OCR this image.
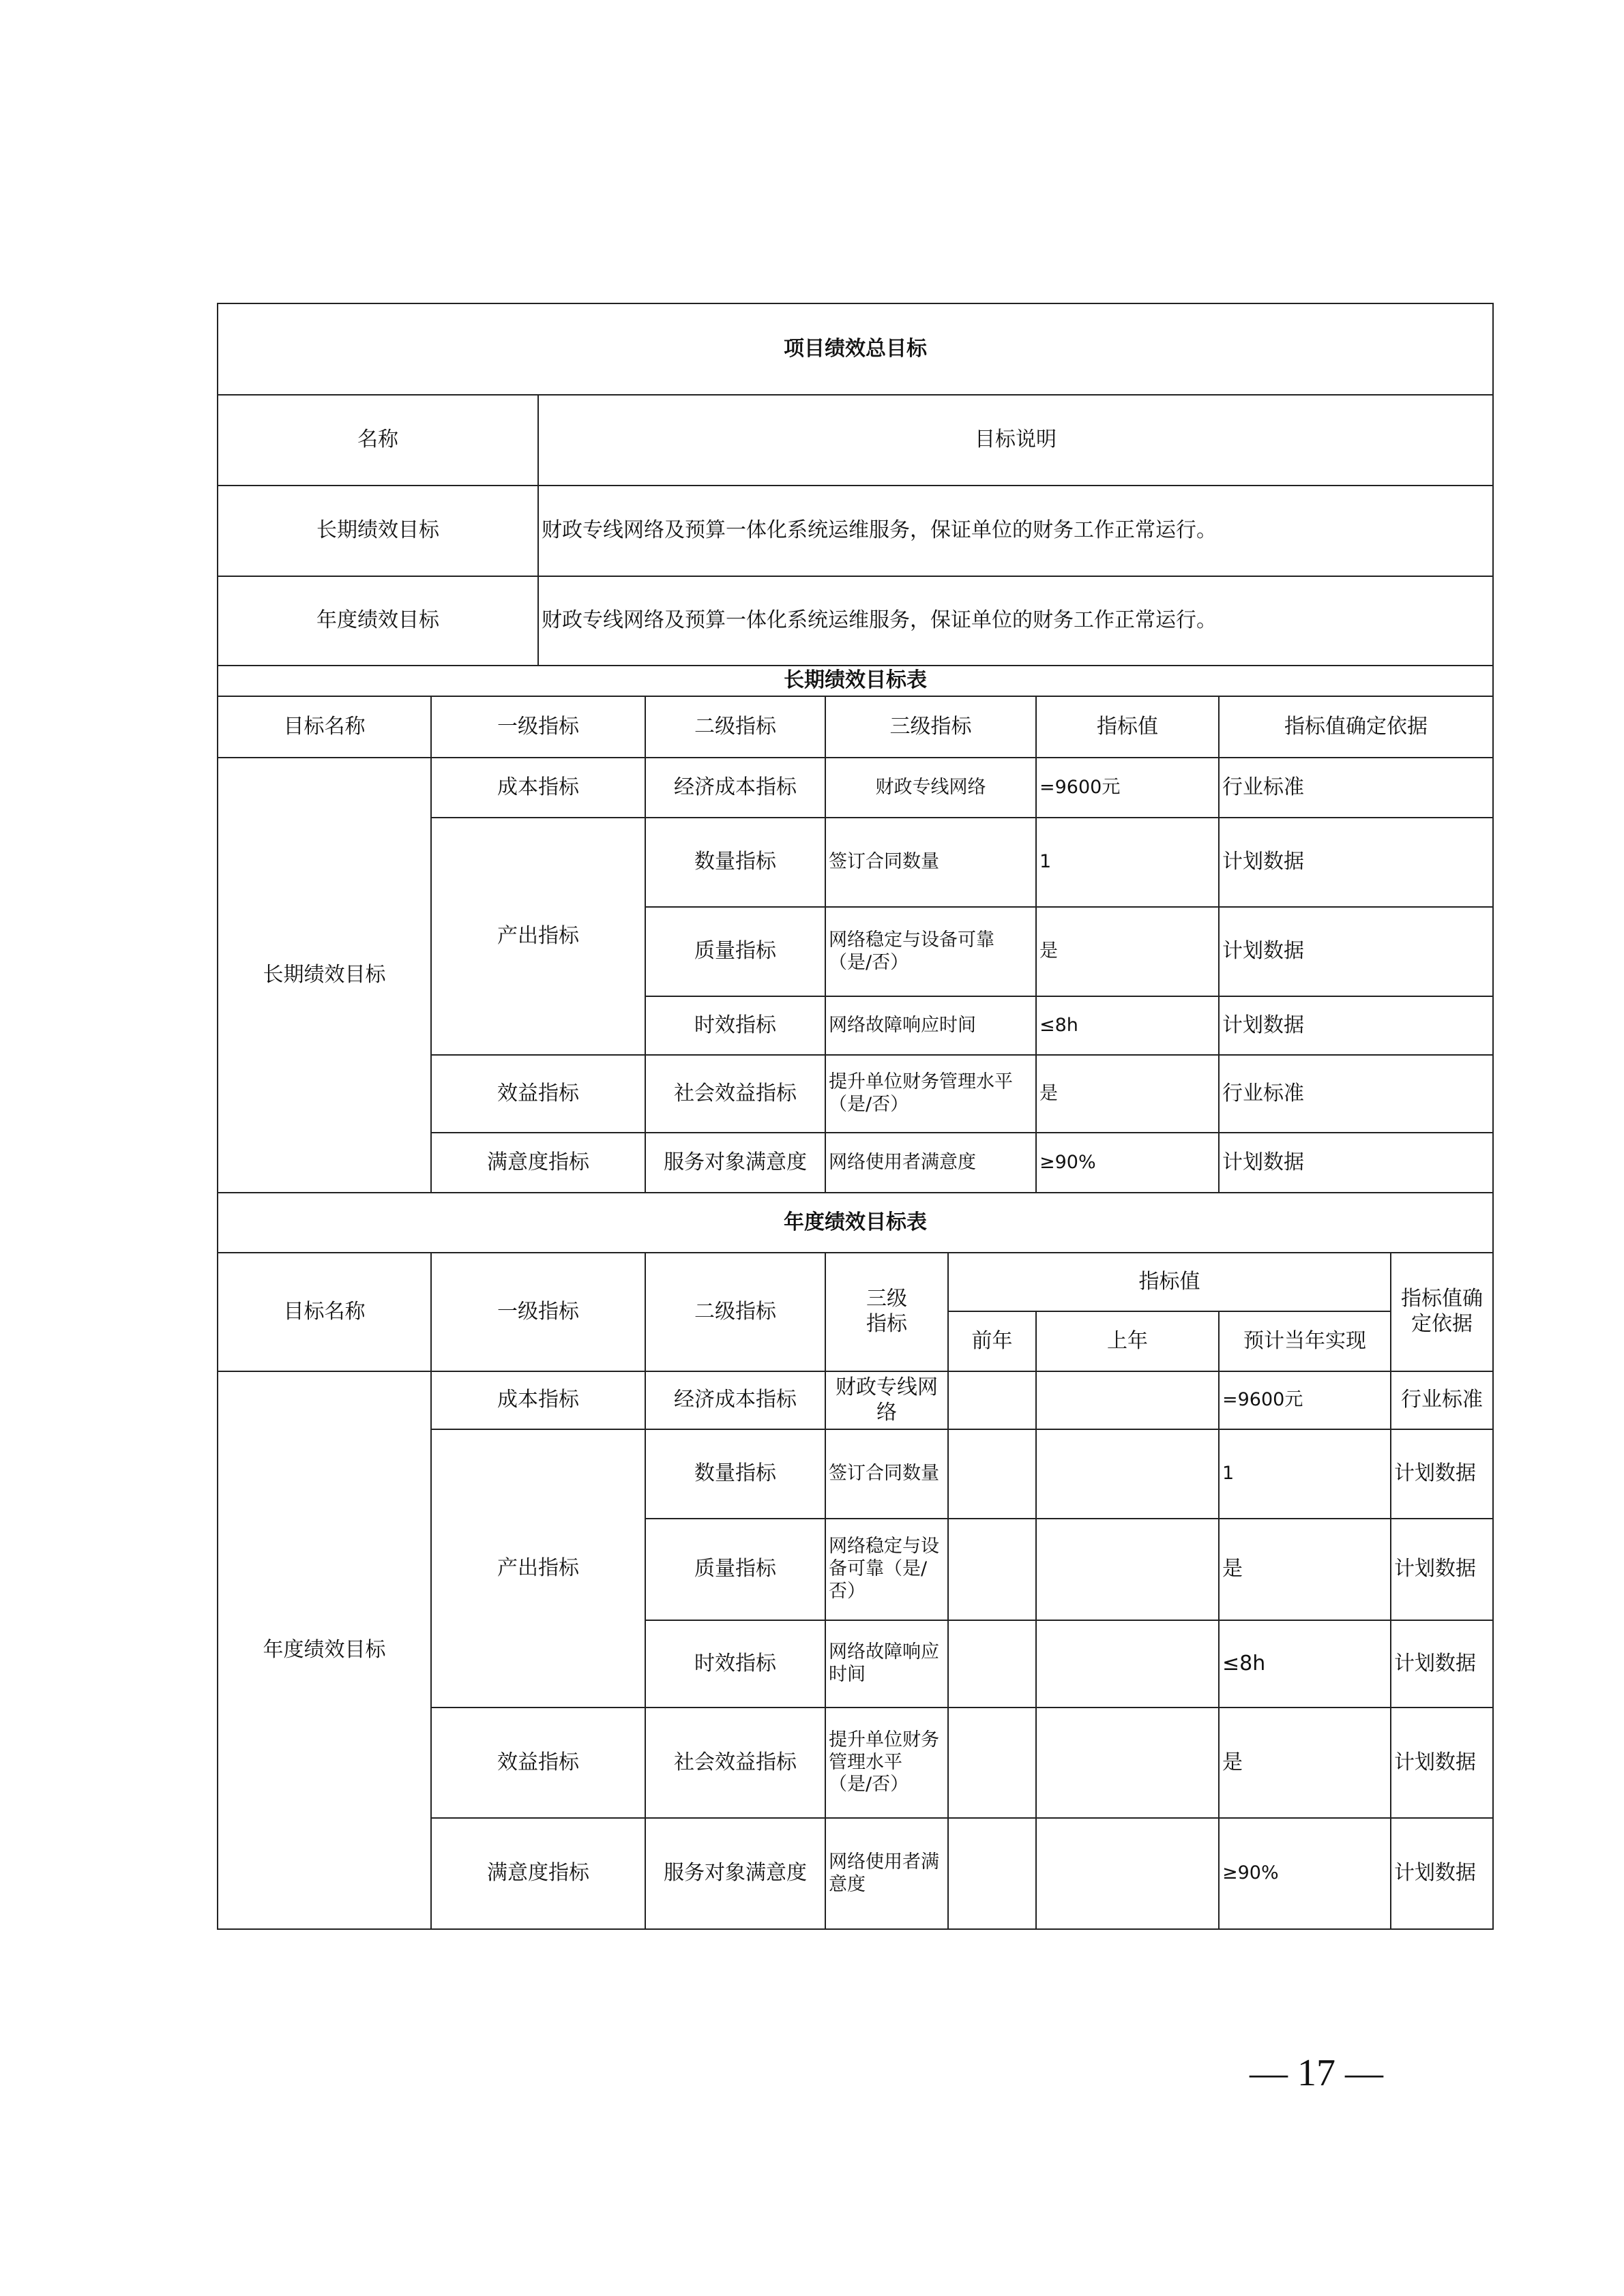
项目绩效总目标	
名称	目标说明
长期绩效目标	财政专线网络及预算一体化系统运维服务，保证单位的财务工作正常运行。
年度绩效目标	财政专线网络及预算一体化系统运维服务，保证单位的财务工作正常运行。
长期绩效目标表					
目标名称	一级指标	二级指标	三级指标	指标值	指标值确定依据
长期绩效目标	成本指标	经济成本指标	财政专线网络	=9600元	行业标准
	产出指标	数量指标	签订合同数量	1	计划数据
		质量指标	网络稳定与设备可靠（是/否）	是	计划数据
		时效指标	网络故障响应时间	≤8h	计划数据
	效益指标	社会效益指标	提升单位财务管理水平（是/否）	是	行业标准
	满意度指标	服务对象满意度	网络使用者满意度	≥90%	计划数据
年度绩效目标表							
目标名称	一级指标	二级指标	三级指标	指标值			指标值确定依据
				前年	上年	预计当年实现	
年度绩效目标	成本指标	经济成本指标	财政专线网络			=9600元	行业标准
	产出指标	数量指标	签订合同数量			1	计划数据
		质量指标	网络稳定与设备可靠（是/否）			是	计划数据
		时效指标	网络故障响应时间			≤8h	计划数据
	效益指标	社会效益指标	提升单位财务管理水平（是/否）			是	计划数据
	满意度指标	服务对象满意度	网络使用者满意度			≥90%	计划数据
— 17 —
